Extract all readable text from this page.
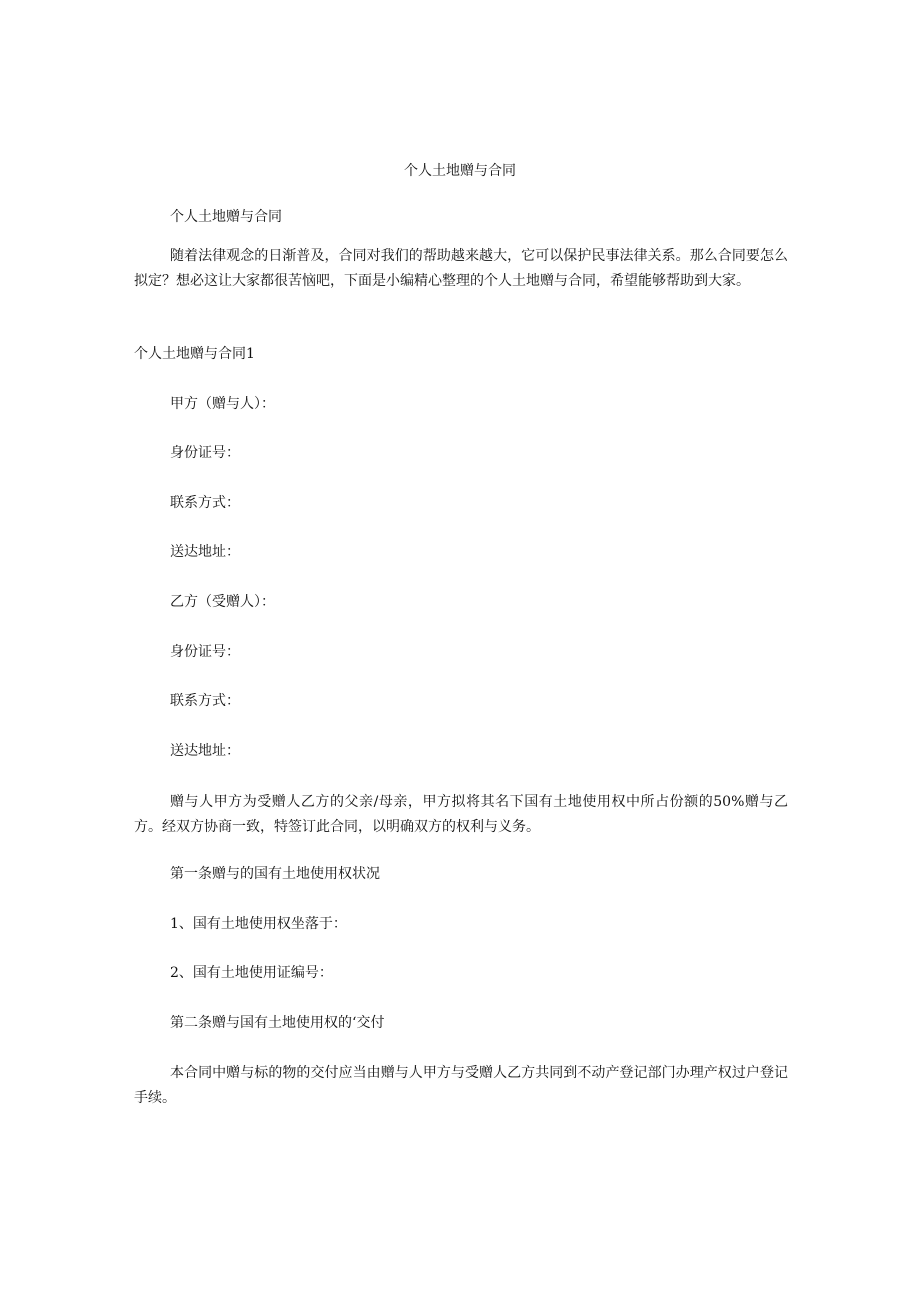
个人土地赠与合同
个人土地赠与合同

随着法律观念的日渐普及，合同对我们的帮助越来越大，它可以保护民事法律关系。那么合同要怎么拟定？想必这让大家都很苦恼吧，下面是小编精心整理的个人土地赠与合同，希望能够帮助到大家。

个人土地赠与合同1
甲方（赠与人）：
身份证号：
联系方式：
送达地址：
乙方（受赠人）：
身份证号：
联系方式：
送达地址：

赠与人甲方为受赠人乙方的父亲/母亲，甲方拟将其名下国有土地使用权中所占份额的50%赠与乙方。经双方协商一致，特签订此合同，以明确双方的权利与义务。

第一条赠与的国有土地使用权状况
1、国有土地使用权坐落于：
2、国有土地使用证编号：
第二条赠与国有土地使用权的‘交付

本合同中赠与标的物的交付应当由赠与人甲方与受赠人乙方共同到不动产登记部门办理产权过户登记手续。
